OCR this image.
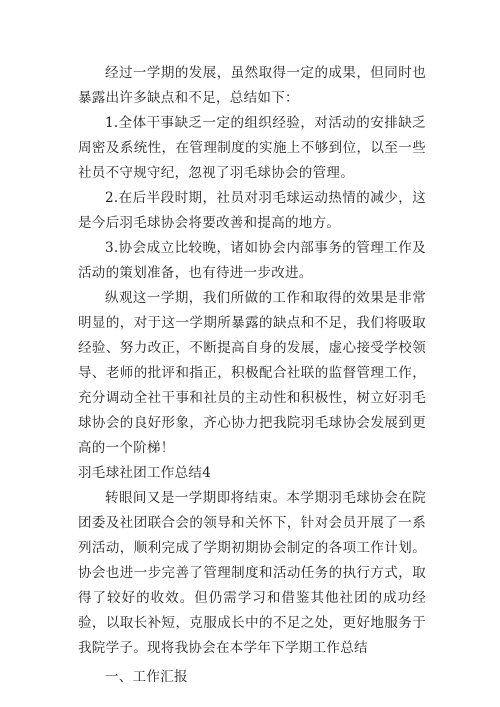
经过一学期的发展，虽然取得一定的成果，但同时也暴露出许多缺点和不足，总结如下：

1.全体干事缺乏一定的组织经验，对活动的安排缺乏周密及系统性，在管理制度的实施上不够到位，以至一些社员不守规守纪，忽视了羽毛球协会的管理。

2.在后半段时期，社员对羽毛球运动热情的减少，这是今后羽毛球协会将要改善和提高的地方。

3.协会成立比较晚，诸如协会内部事务的管理工作及活动的策划准备，也有待进一步改进。

纵观这一学期，我们所做的工作和取得的效果是非常明显的，对于这一学期所暴露的缺点和不足，我们将吸取经验、努力改正，不断提高自身的发展，虚心接受学校领导、老师的批评和指正，积极配合社联的监督管理工作，充分调动全社干事和社员的主动性和积极性，树立好羽毛球协会的良好形象，齐心协力把我院羽毛球协会发展到更高的一个阶梯！

羽毛球社团工作总结4

转眼间又是一学期即将结束。本学期羽毛球协会在院团委及社团联合会的领导和关怀下，针对会员开展了一系列活动，顺利完成了学期初期协会制定的各项工作计划。协会也进一步完善了管理制度和活动任务的执行方式，取得了较好的收效。但仍需学习和借鉴其他社团的成功经验，以取长补短，克服成长中的不足之处，更好地服务于我院学子。现将我协会在本学年下学期工作总结

一、工作汇报
